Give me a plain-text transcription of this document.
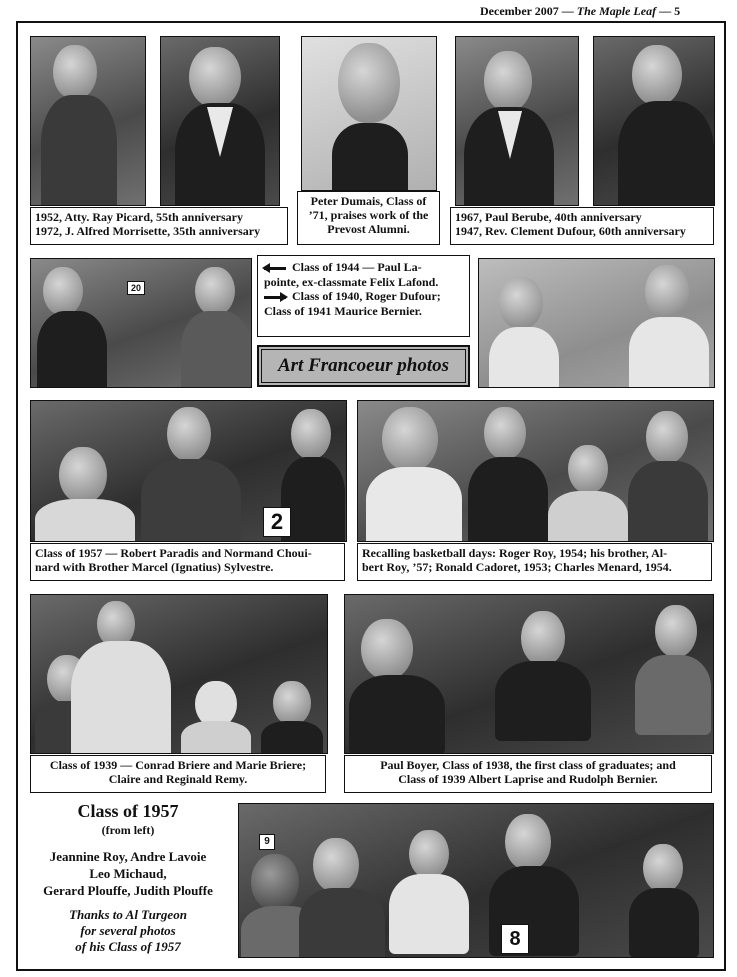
December 2007 — The Maple Leaf — 5
1952, Atty. Ray Picard, 55th anniversary
1972, J. Alfred Morrisette, 35th anniversary
Peter Dumais, Class of
’71, praises work of the
Prevost Alumni.
1967, Paul Berube, 40th anniversary
1947, Rev. Clement Dufour, 60th anniversary
20
Class of 1944 — Paul La-
pointe, ex-classmate Felix Lafond.
Class of 1940, Roger Dufour;
Class of 1941 Maurice Bernier.
Art Francoeur photos
2
Class of 1957 — Robert Paradis and Normand Choui-
nard with Brother Marcel (Ignatius) Sylvestre.
Recalling basketball days: Roger Roy, 1954; his brother, Al-
bert Roy, ’57; Ronald Cadoret, 1953; Charles Menard, 1954.
Class of 1939 — Conrad Briere and Marie Briere;
Claire and Reginald Remy.
Paul Boyer, Class of 1938, the first class of graduates; and
Class of 1939 Albert Laprise and Rudolph Bernier.
Class of 1957
(from left)
Jeannine Roy, Andre Lavoie
Leo Michaud,
Gerard Plouffe, Judith Plouffe
Thanks to Al Turgeon
for several photos
of his Class of 1957
9
8
